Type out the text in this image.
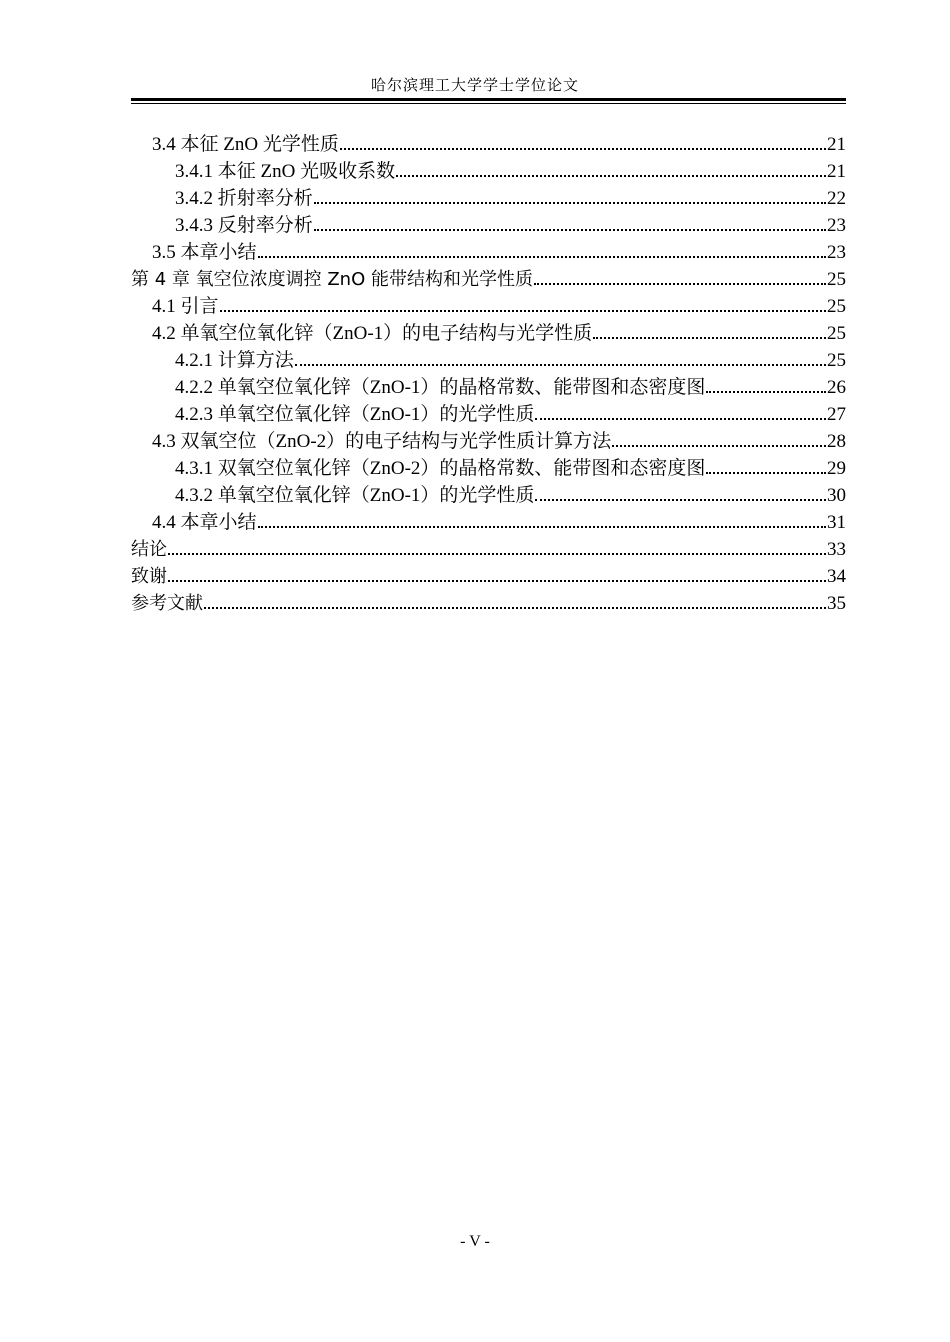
哈尔滨理工大学学士学位论文
3.4 本征 ZnO 光学性质	21
3.4.1 本征 ZnO 光吸收系数	21
3.4.2 折射率分析	22
3.4.3 反射率分析	23
3.5 本章小结	23
第 4 章 氧空位浓度调控 ZnO 能带结构和光学性质	25
4.1 引言	25
4.2 单氧空位氧化锌（ZnO-1）的电子结构与光学性质	25
4.2.1 计算方法	25
4.2.2 单氧空位氧化锌（ZnO-1）的晶格常数、能带图和态密度图	26
4.2.3 单氧空位氧化锌（ZnO-1）的光学性质	27
4.3 双氧空位（ZnO-2）的电子结构与光学性质计算方法	28
4.3.1 双氧空位氧化锌（ZnO-2）的晶格常数、能带图和态密度图	29
4.3.2 单氧空位氧化锌（ZnO-1）的光学性质	30
4.4 本章小结	31
结论	33
致谢	34
参考文献	35
- V -
